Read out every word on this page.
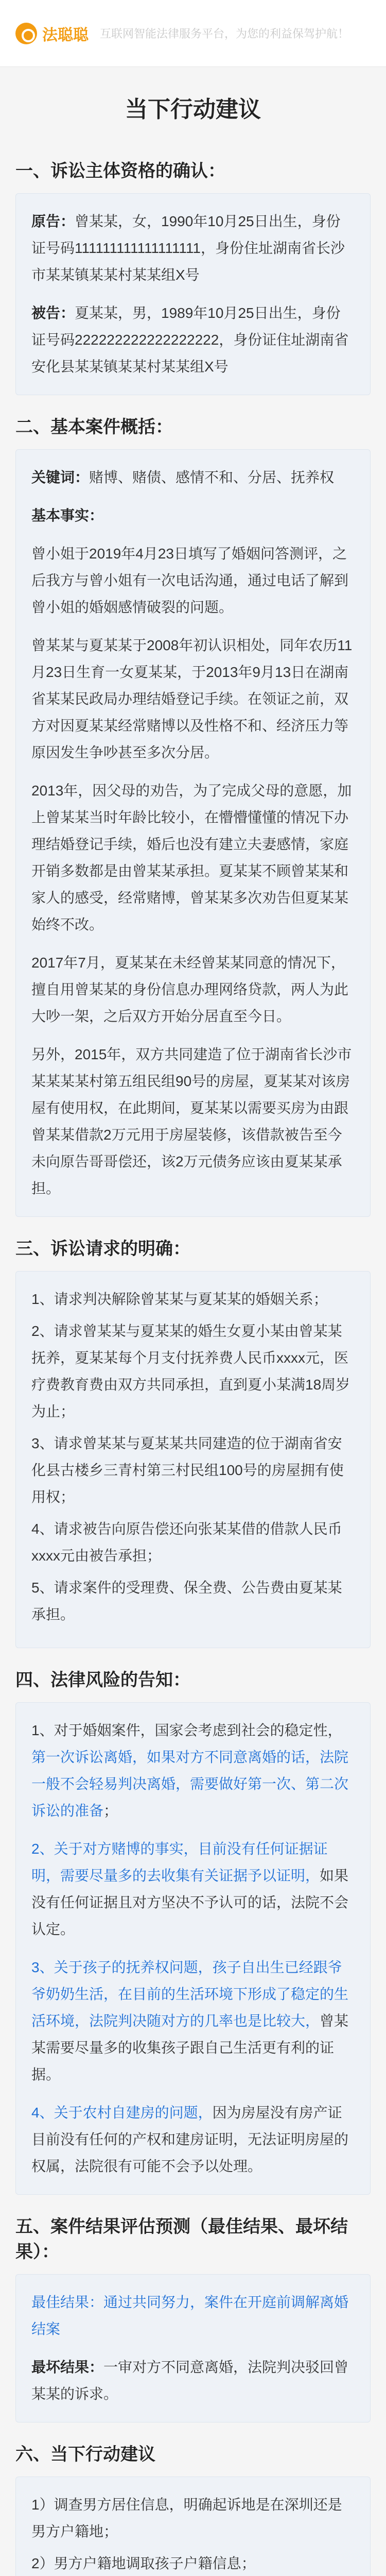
法聪聪 互联网智能法律服务平台，为您的利益保驾护航！
当下行动建议
一、诉讼主体资格的确认：
原告：曾某某，女，1990年10月25日出生，身份证号码111111111111111111，身份住址湖南省长沙市某某镇某某村某某组X号
被告：夏某某，男，1989年10月25日出生，身份证号码222222222222222222，身份证住址湖南省安化县某某镇某某村某某组X号
二、基本案件概括：
关键词：赌博、赌债、感情不和、分居、抚养权
基本事实：
曾小姐于2019年4月23日填写了婚姻问答测评，之后我方与曾小姐有一次电话沟通，通过电话了解到曾小姐的婚姻感情破裂的问题。
曾某某与夏某某于2008年初认识相处，同年农历11月23日生育一女夏某某，于2013年9月13日在湖南省某某民政局办理结婚登记手续。在领证之前，双方对因夏某某经常赌博以及性格不和、经济压力等原因发生争吵甚至多次分居。
2013年，因父母的劝告，为了完成父母的意愿，加上曾某某当时年龄比较小，在懵懵懂懂的情况下办理结婚登记手续，婚后也没有建立夫妻感情，家庭开销多数都是由曾某某承担。夏某某不顾曾某某和家人的感受，经常赌博，曾某某多次劝告但夏某某始终不改。
2017年7月，夏某某在未经曾某某同意的情况下，擅自用曾某某的身份信息办理网络贷款，两人为此大吵一架，之后双方开始分居直至今日。
另外，2015年，双方共同建造了位于湖南省长沙市某某某某村第五组民组90号的房屋，夏某某对该房屋有使用权，在此期间，夏某某以需要买房为由跟曾某某借款2万元用于房屋装修，该借款被告至今未向原告哥哥偿还，该2万元债务应该由夏某某承担。
三、诉讼请求的明确：
1、请求判决解除曾某某与夏某某的婚姻关系；
2、请求曾某某与夏某某的婚生女夏小某由曾某某抚养，夏某某每个月支付抚养费人民币xxxx元，医疗费教育费由双方共同承担，直到夏小某满18周岁为止；
3、请求曾某某与夏某某共同建造的位于湖南省安化县古楼乡三青村第三村民组100号的房屋拥有使用权；
4、请求被告向原告偿还向张某某借的借款人民币xxxx元由被告承担；
5、请求案件的受理费、保全费、公告费由夏某某承担。
四、法律风险的告知：
1、对于婚姻案件，国家会考虑到社会的稳定性，第一次诉讼离婚，如果对方不同意离婚的话，法院一般不会轻易判决离婚，需要做好第一次、第二次诉讼的准备；
2、关于对方赌博的事实，目前没有任何证据证明，需要尽量多的去收集有关证据予以证明，如果没有任何证据且对方坚决不予认可的话，法院不会认定。
3、关于孩子的抚养权问题，孩子自出生已经跟爷爷奶奶生活，在目前的生活环境下形成了稳定的生活环境，法院判决随对方的几率也是比较大，曾某某需要尽量多的收集孩子跟自己生活更有利的证据。
4、关于农村自建房的问题，因为房屋没有房产证目前没有任何的产权和建房证明，无法证明房屋的权属，法院很有可能不会予以处理。
五、案件结果评估预测（最佳结果、最坏结果）：
最佳结果：通过共同努力，案件在开庭前调解离婚结案
最坏结果：一审对方不同意离婚，法院判决驳回曾某某的诉求。
六、当下行动建议
1）调查男方居住信息，明确起诉地是在深圳还是男方户籍地；
2）男方户籍地调取孩子户籍信息；
